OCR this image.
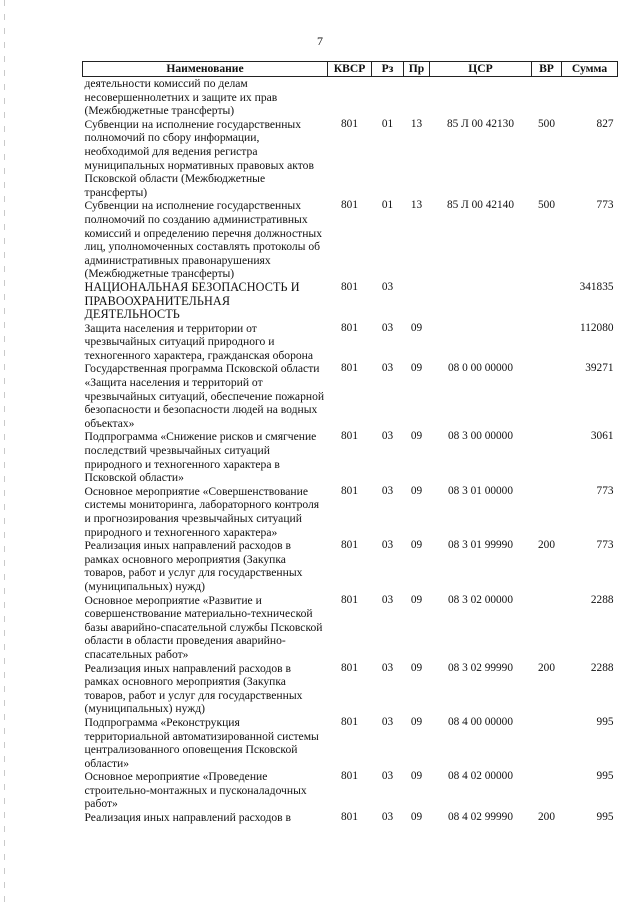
7
Наименование	КВСР	Рз	Пр	ЦСР	ВР	Сумма
деятельности комиссий по делам несовершеннолетних и защите их прав (Межбюджетные трансферты)						
Субвенции на исполнение государственных полномочий по сбору информации, необходимой для ведения регистра муниципальных нормативных правовых актов Псковской области (Межбюджетные трансферты)	801	01	13	85 Л 00 42130	500	827
Субвенции на исполнение государственных полномочий по созданию административных комиссий и определению перечня должностных лиц, уполномоченных составлять протоколы об административных правонарушениях (Межбюджетные трансферты)	801	01	13	85 Л 00 42140	500	773
НАЦИОНАЛЬНАЯ БЕЗОПАСНОСТЬ И ПРАВООХРАНИТЕЛЬНАЯ ДЕЯТЕЛЬНОСТЬ	801	03				341835
Защита населения и территории от чрезвычайных ситуаций природного и техногенного характера, гражданская оборона	801	03	09			112080
Государственная программа Псковской области «Защита населения и территорий от чрезвычайных ситуаций, обеспечение пожарной безопасности и безопасности людей на водных объектах»	801	03	09	08 0 00 00000		39271
Подпрограмма «Снижение рисков и смягчение последствий чрезвычайных ситуаций природного и техногенного характера в Псковской области»	801	03	09	08 3 00 00000		3061
Основное мероприятие «Совершенствование системы мониторинга, лабораторного контроля и прогнозирования чрезвычайных ситуаций природного и техногенного характера»	801	03	09	08 3 01 00000		773
Реализация иных направлений расходов в рамках основного мероприятия (Закупка товаров, работ и услуг для государственных (муниципальных) нужд)	801	03	09	08 3 01 99990	200	773
Основное мероприятие «Развитие и совершенствование материально-технической базы аварийно-спасательной службы Псковской области в области проведения аварийно-спасательных работ»	801	03	09	08 3 02 00000		2288
Реализация иных направлений расходов в рамках основного мероприятия (Закупка товаров, работ и услуг для государственных (муниципальных) нужд)	801	03	09	08 3 02 99990	200	2288
Подпрограмма «Реконструкция территориальной автоматизированной системы централизованного оповещения Псковской области»	801	03	09	08 4 00 00000		995
Основное мероприятие «Проведение строительно-монтажных и пусконаладочных работ»	801	03	09	08 4 02 00000		995
Реализация иных направлений расходов в	801	03	09	08 4 02 99990	200	995
